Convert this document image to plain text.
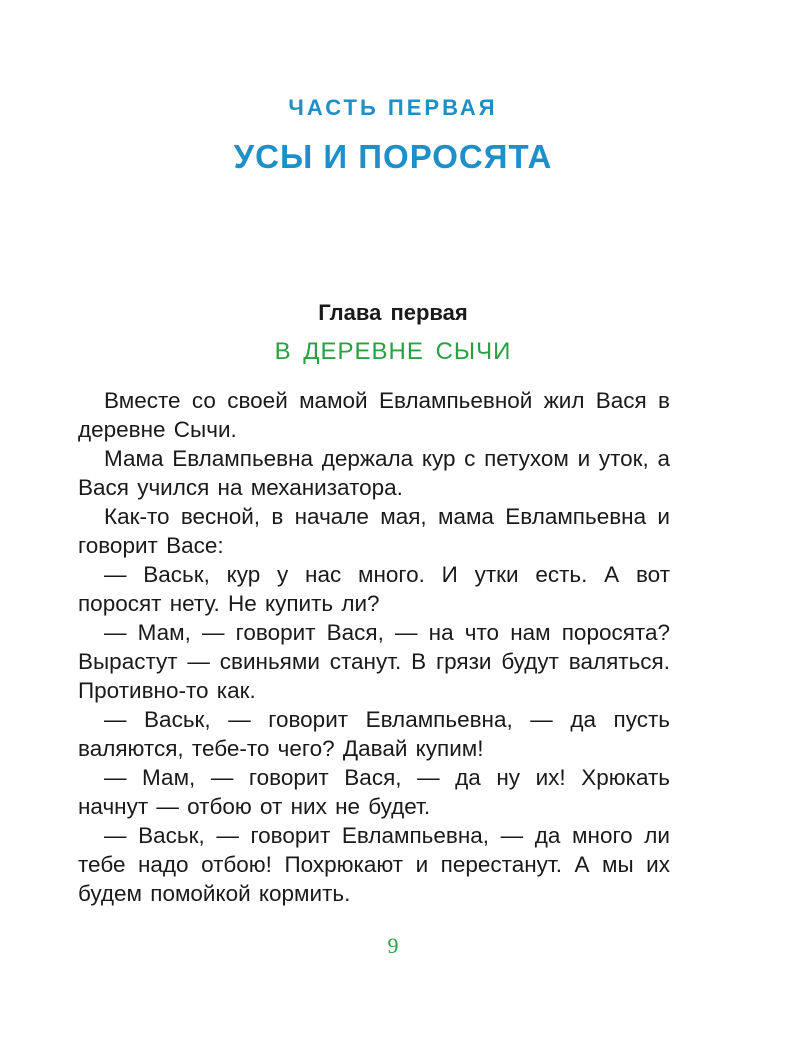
ЧАСТЬ ПЕРВАЯ
УСЫ И ПОРОСЯТА
Глава первая
В ДЕРЕВНЕ СЫЧИ

Вместе со своей мамой Евлампьевной жил Вася в деревне Сычи.

Мама Евлампьевна держала кур с петухом и уток, а Вася учился на механизатора.

Как-то весной, в начале мая, мама Евлампьевна и говорит Васе:

— Васьк, кур у нас много. И утки есть. А вот поросят нету. Не купить ли?

— Мам, — говорит Вася, — на что нам поросята? Вырастут — свиньями станут. В грязи будут валяться. Противно-то как.

— Васьк, — говорит Евлампьевна, — да пусть валяются, тебе-то чего? Давай купим!

— Мам, — говорит Вася, — да ну их! Хрюкать начнут — отбою от них не будет.

— Васьк, — говорит Евлампьевна, — да много ли тебе надо отбою! Похрюкают и перестанут. А мы их будем помойкой кормить.

9
